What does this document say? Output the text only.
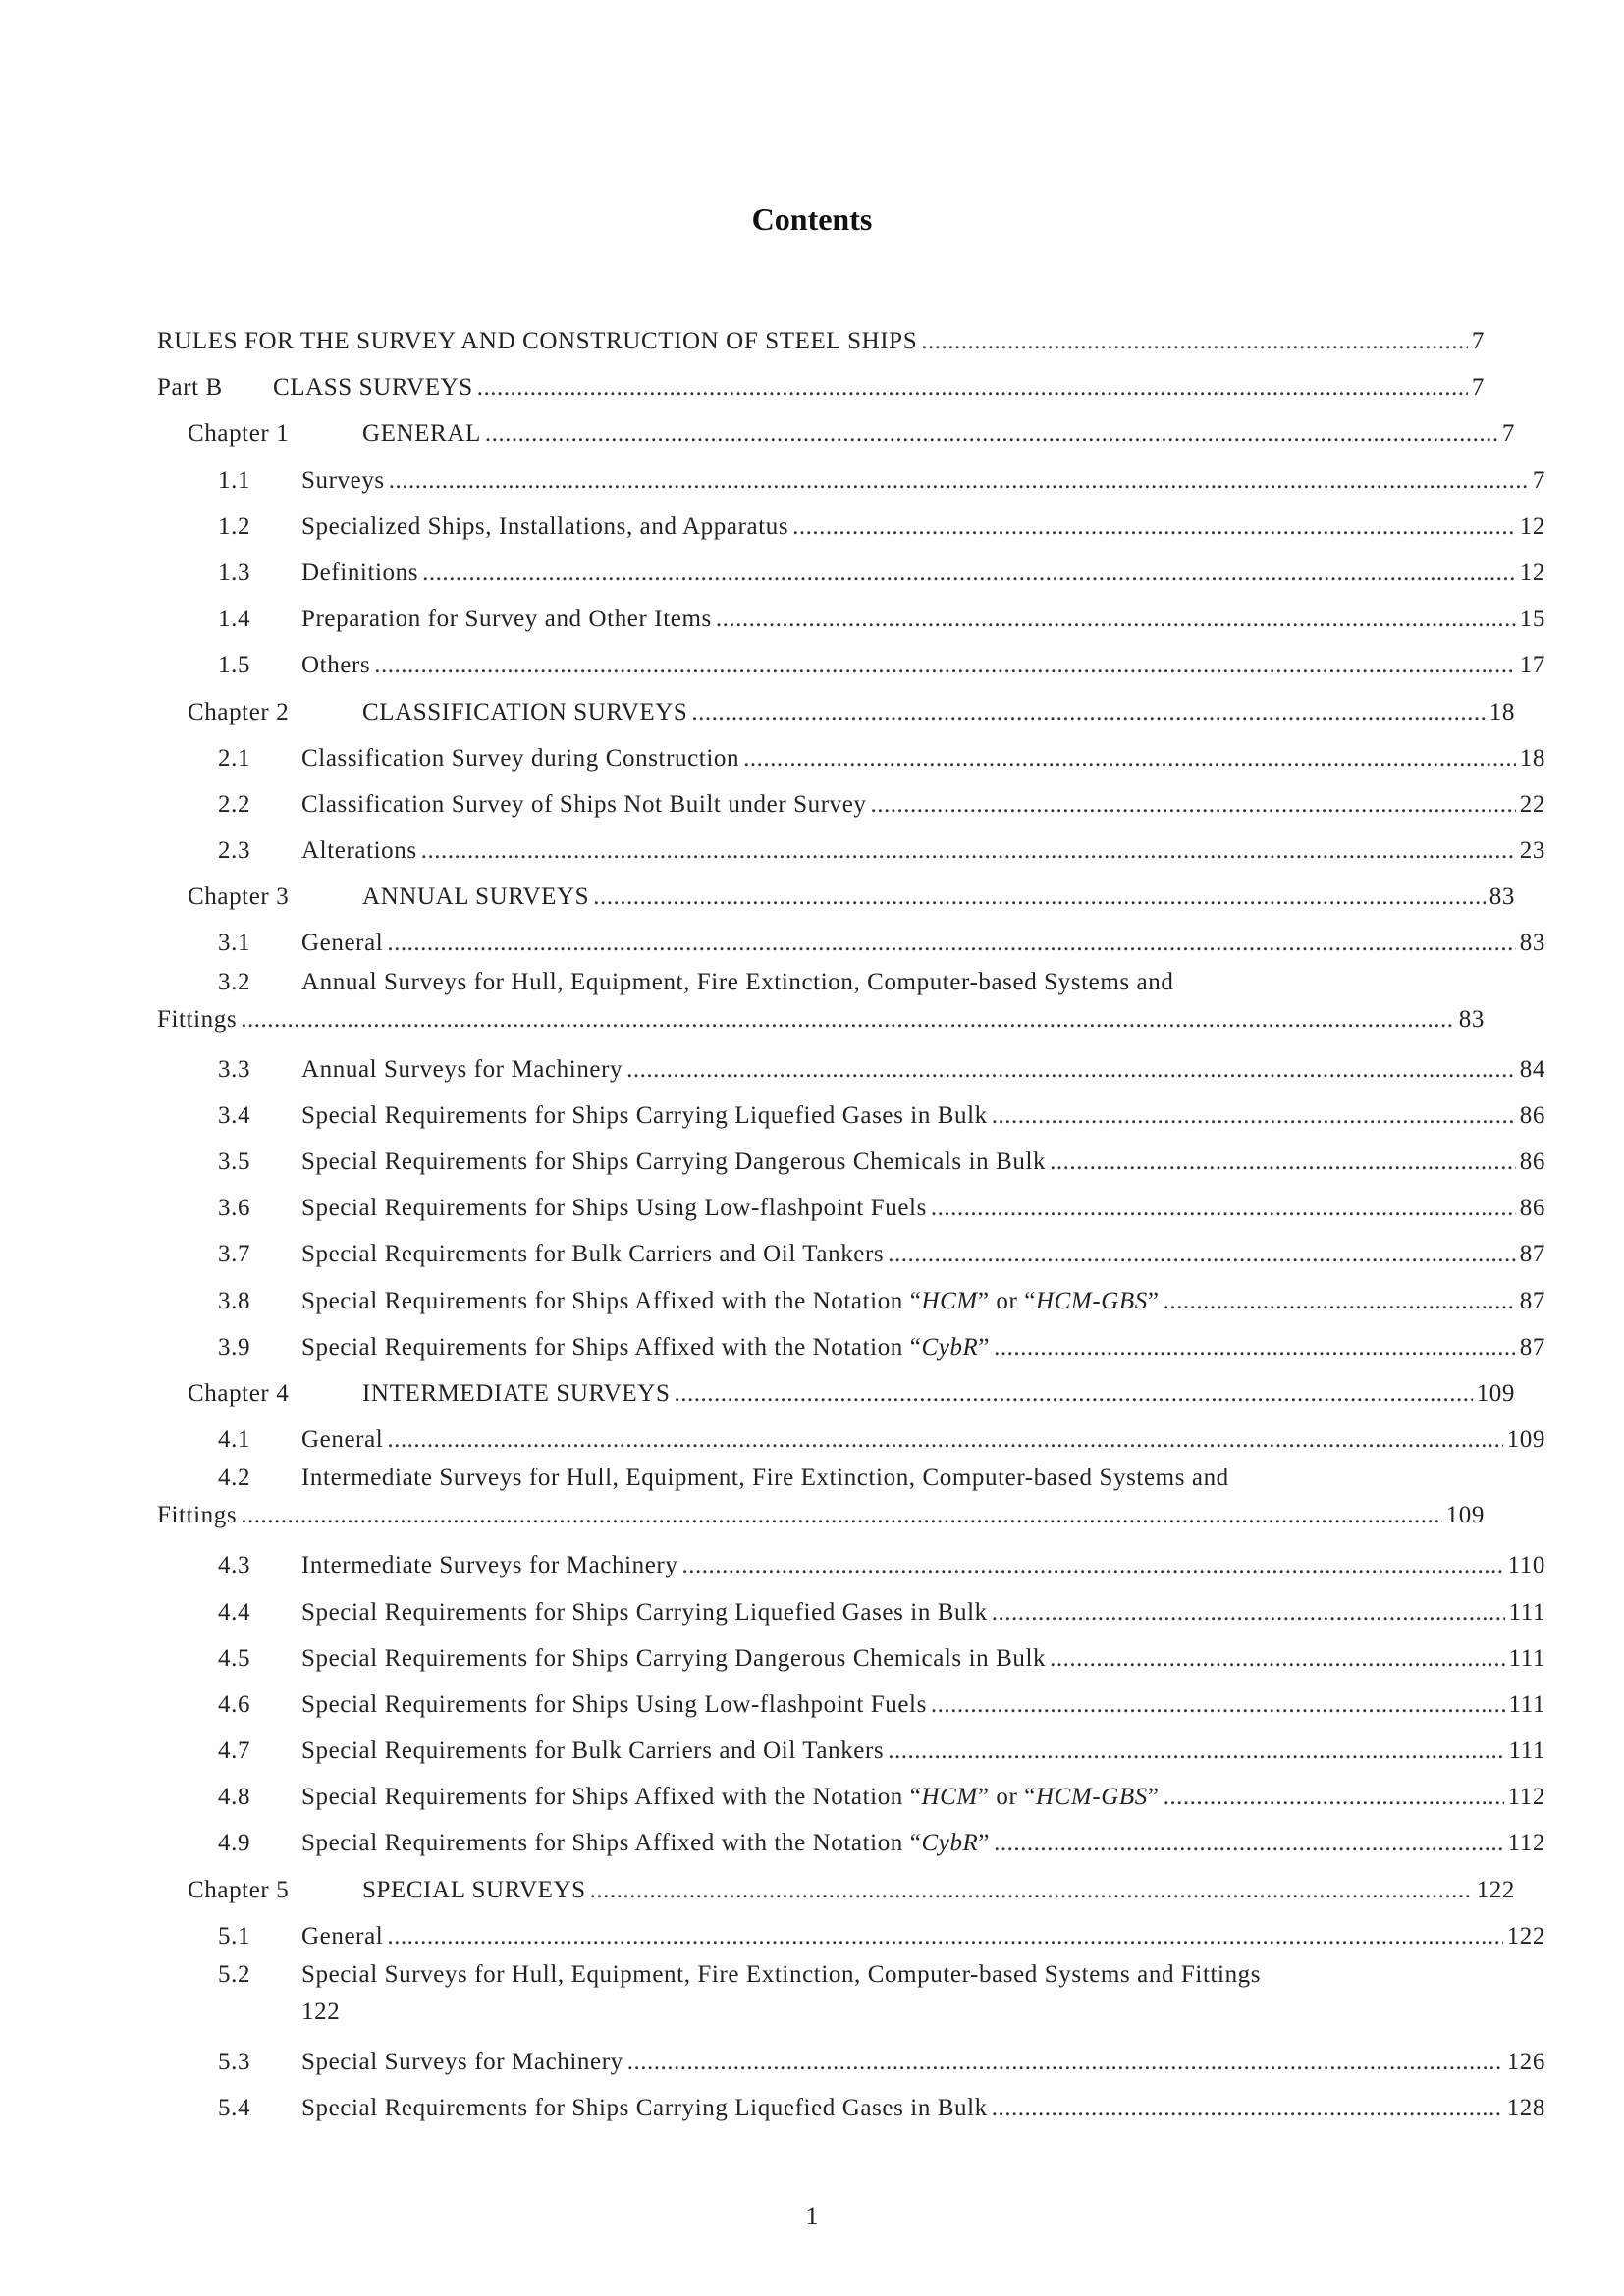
Contents
RULES FOR THE SURVEY AND CONSTRUCTION OF STEEL SHIPS .....	7
Part B	CLASS SURVEYS .....	7
Chapter 1	GENERAL .....	7
1.1	Surveys .....	7
1.2	Specialized Ships, Installations, and Apparatus .....	12
1.3	Definitions .....	12
1.4	Preparation for Survey and Other Items .....	15
1.5	Others .....	17
Chapter 2	CLASSIFICATION SURVEYS .....	18
2.1	Classification Survey during Construction .....	18
2.2	Classification Survey of Ships Not Built under Survey .....	22
2.3	Alterations .....	23
Chapter 3	ANNUAL SURVEYS .....	83
3.1	General .....	83
3.2 Annual Surveys for Hull, Equipment, Fire Extinction, Computer-based Systems and
Fittings .....	83
3.3	Annual Surveys for Machinery .....	84
3.4	Special Requirements for Ships Carrying Liquefied Gases in Bulk .....	86
3.5	Special Requirements for Ships Carrying Dangerous Chemicals in Bulk .....	86
3.6	Special Requirements for Ships Using Low-flashpoint Fuels .....	86
3.7	Special Requirements for Bulk Carriers and Oil Tankers .....	87
3.8	Special Requirements for Ships Affixed with the Notation “HCM” or “HCM-GBS” .....	87
3.9	Special Requirements for Ships Affixed with the Notation “CybR” .....	87
Chapter 4	INTERMEDIATE SURVEYS .....	109
4.1	General .....	109
4.2 Intermediate Surveys for Hull, Equipment, Fire Extinction, Computer-based Systems and
Fittings .....	109
4.3	Intermediate Surveys for Machinery .....	110
4.4	Special Requirements for Ships Carrying Liquefied Gases in Bulk .....	111
4.5	Special Requirements for Ships Carrying Dangerous Chemicals in Bulk .....	111
4.6	Special Requirements for Ships Using Low-flashpoint Fuels .....	111
4.7	Special Requirements for Bulk Carriers and Oil Tankers .....	111
4.8	Special Requirements for Ships Affixed with the Notation “HCM” or “HCM-GBS” .....	112
4.9	Special Requirements for Ships Affixed with the Notation “CybR” .....	112
Chapter 5	SPECIAL SURVEYS .....	122
5.1	General .....	122
5.2 Special Surveys for Hull, Equipment, Fire Extinction, Computer-based Systems and Fittings
122
5.3	Special Surveys for Machinery .....	126
5.4	Special Requirements for Ships Carrying Liquefied Gases in Bulk .....	128
1
